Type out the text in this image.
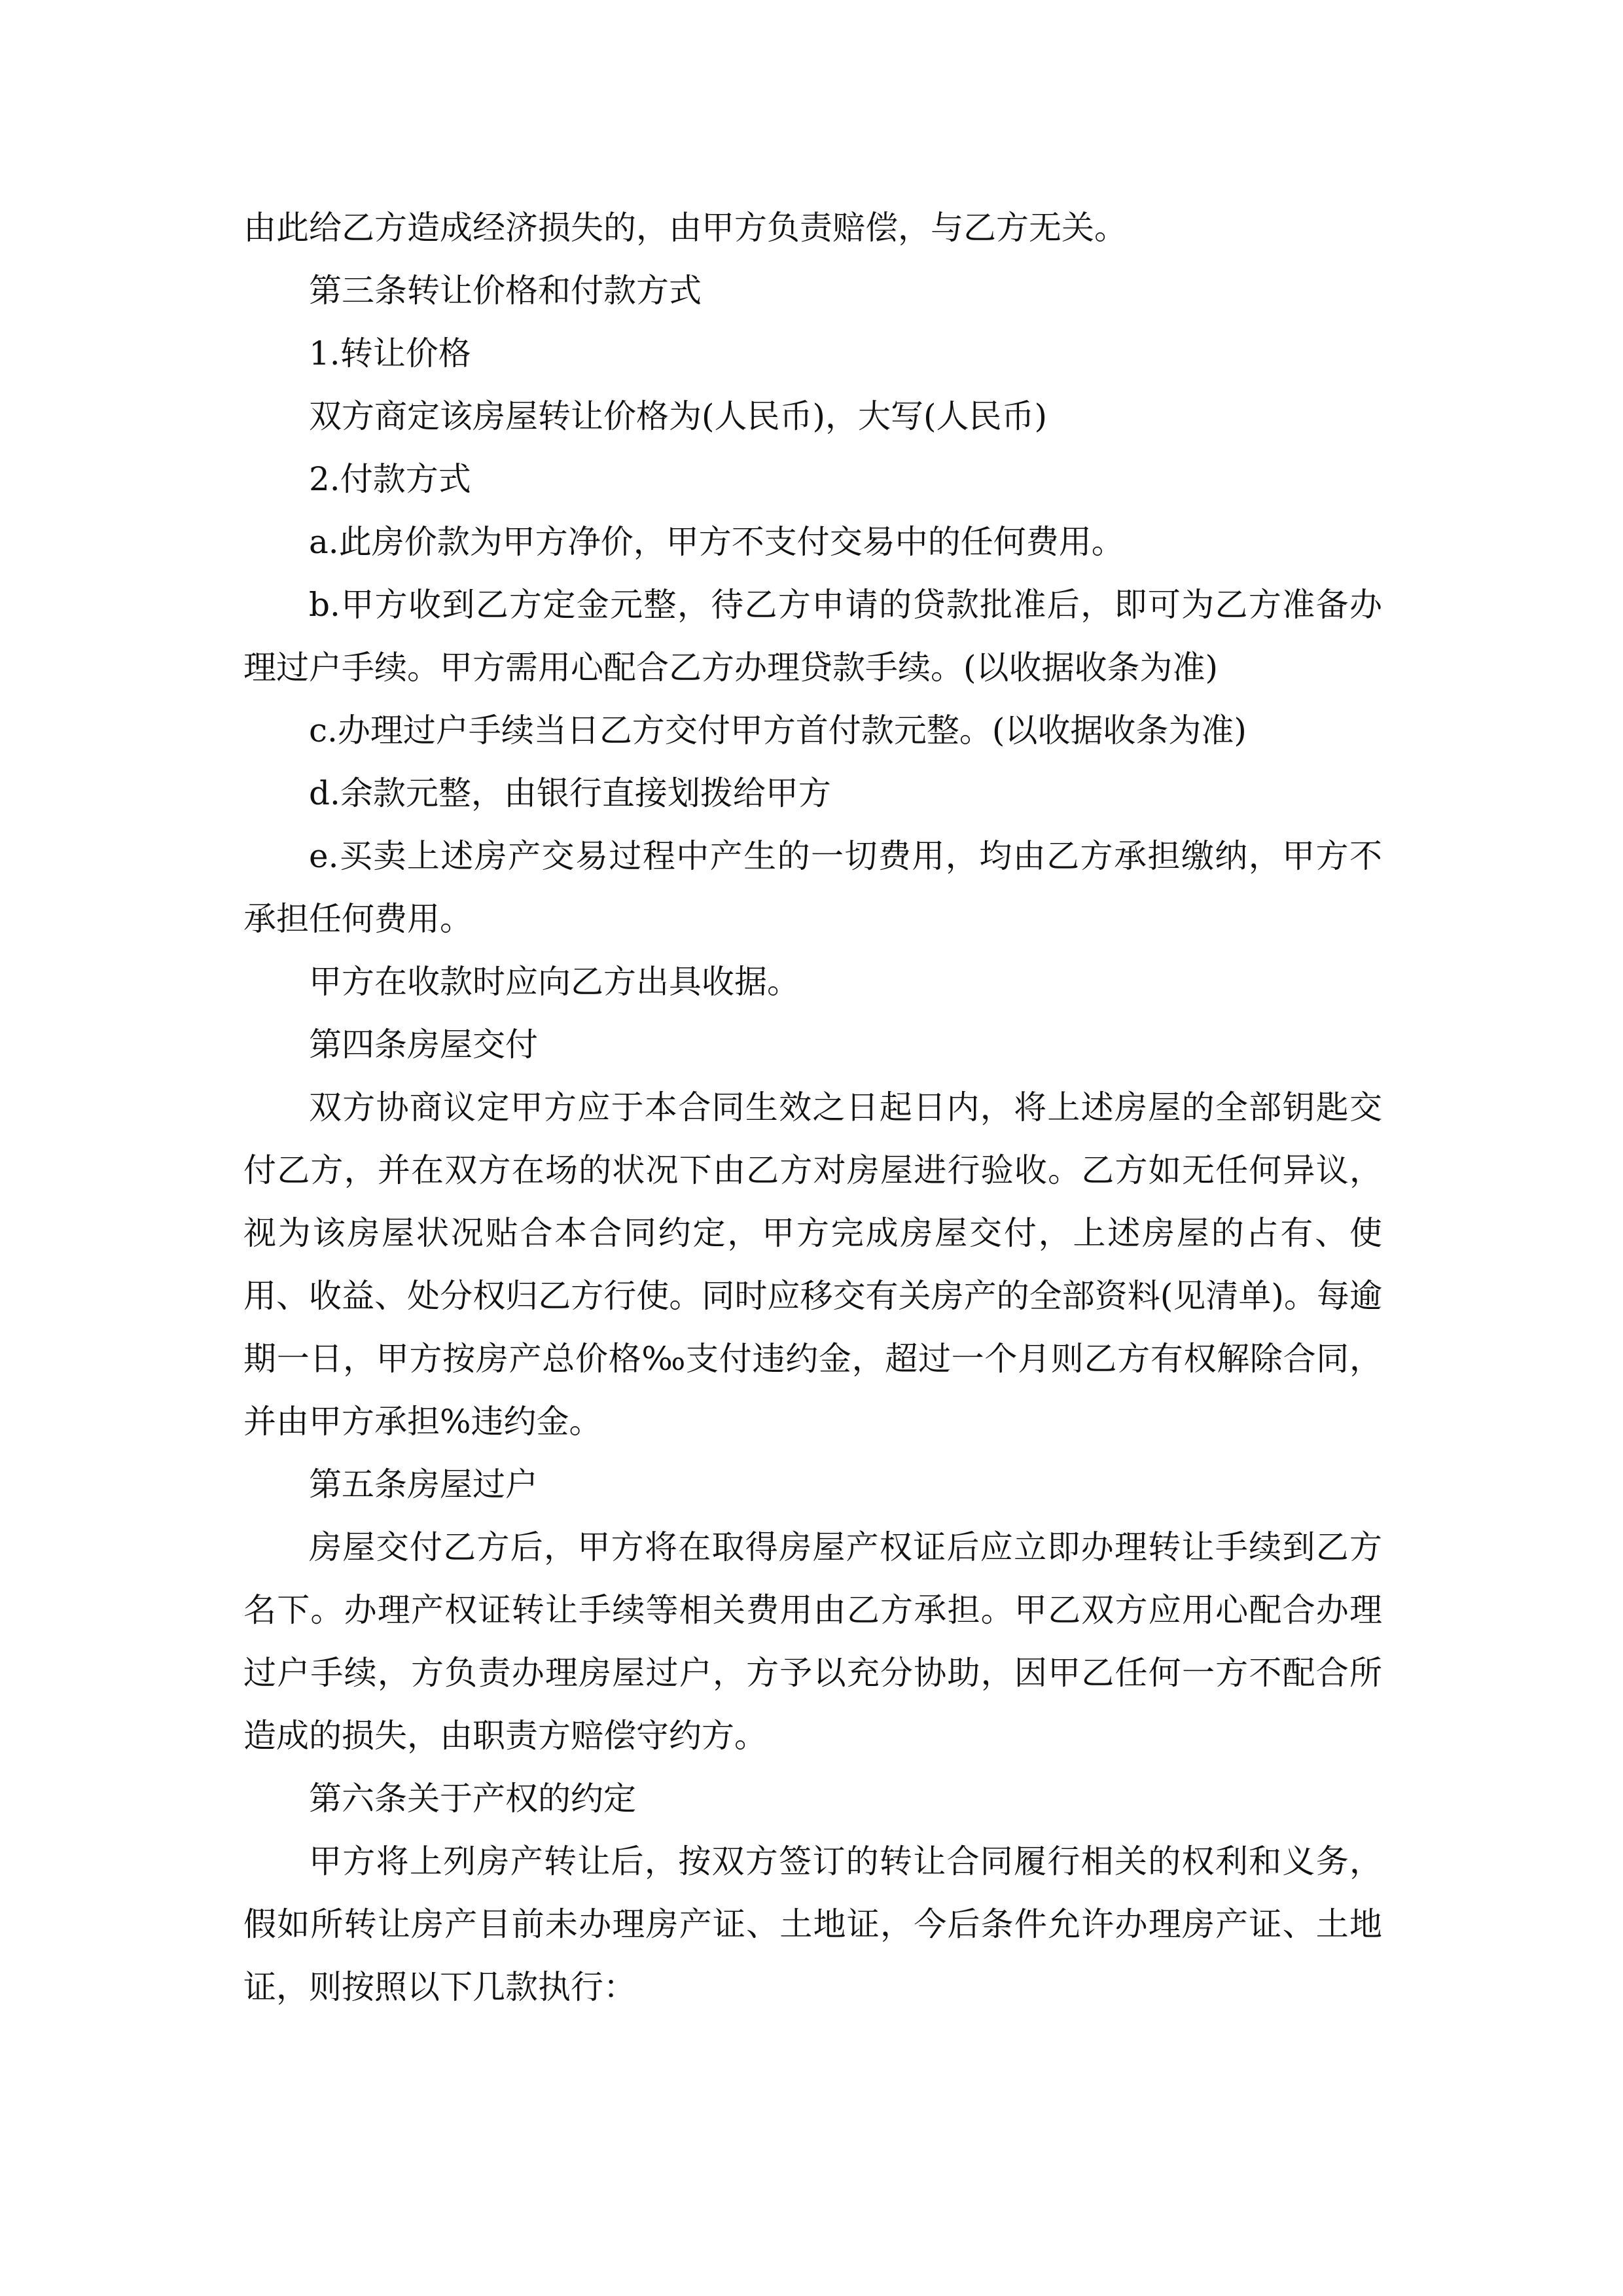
由此给乙方造成经济损失的，由甲方负责赔偿，与乙方无关。

第三条转让价格和付款方式

1.转让价格

双方商定该房屋转让价格为(人民币)，大写(人民币)

2.付款方式

a.此房价款为甲方净价，甲方不支付交易中的任何费用。

b.甲方收到乙方定金元整，待乙方申请的贷款批准后，即可为乙方准备办理过户手续。甲方需用心配合乙方办理贷款手续。(以收据收条为准)

c.办理过户手续当日乙方交付甲方首付款元整。(以收据收条为准)

d.余款元整，由银行直接划拨给甲方

e.买卖上述房产交易过程中产生的一切费用，均由乙方承担缴纳，甲方不承担任何费用。

甲方在收款时应向乙方出具收据。

第四条房屋交付

双方协商议定甲方应于本合同生效之日起日内，将上述房屋的全部钥匙交付乙方，并在双方在场的状况下由乙方对房屋进行验收。乙方如无任何异议，视为该房屋状况贴合本合同约定，甲方完成房屋交付，上述房屋的占有、使用、收益、处分权归乙方行使。同时应移交有关房产的全部资料(见清单)。每逾期一日，甲方按房产总价格‰支付违约金，超过一个月则乙方有权解除合同，并由甲方承担%违约金。

第五条房屋过户

房屋交付乙方后，甲方将在取得房屋产权证后应立即办理转让手续到乙方名下。办理产权证转让手续等相关费用由乙方承担。甲乙双方应用心配合办理过户手续，方负责办理房屋过户，方予以充分协助，因甲乙任何一方不配合所造成的损失，由职责方赔偿守约方。

第六条关于产权的约定

甲方将上列房产转让后，按双方签订的转让合同履行相关的权利和义务，假如所转让房产目前未办理房产证、土地证，今后条件允许办理房产证、土地证，则按照以下几款执行：
